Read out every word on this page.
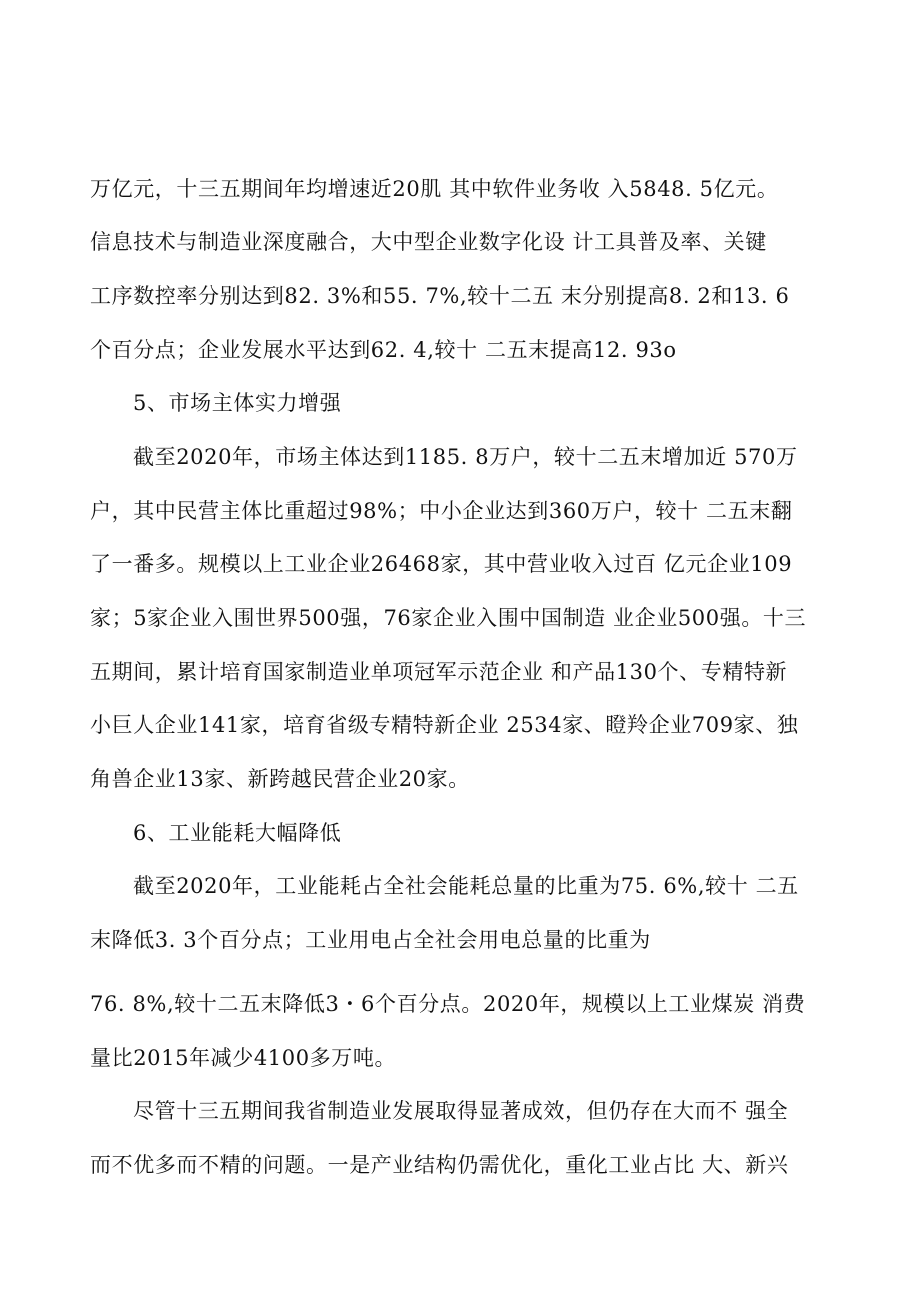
万亿元，十三五期间年均增速近20肌 其中软件业务收 入5848. 5亿元。
信息技术与制造业深度融合，大中型企业数字化设 计工具普及率、关键
工序数控率分别达到82. 3%和55. 7%,较十二五 末分别提高8. 2和13. 6
个百分点；企业发展水平达到62. 4,较十 二五末提高12. 93o
5、市场主体实力增强
截至2020年，市场主体达到1185. 8万户，较十二五末增加近 570万
户，其中民营主体比重超过98%；中小企业达到360万户，较十 二五末翻
了一番多。规模以上工业企业26468家，其中营业收入过百 亿元企业109
家；5家企业入围世界500强，76家企业入围中国制造 业企业500强。十三
五期间，累计培育国家制造业单项冠军示范企业 和产品130个、专精特新
小巨人企业141家，培育省级专精特新企业 2534家、瞪羚企业709家、独
角兽企业13家、新跨越民营企业20家。
6、工业能耗大幅降低
截至2020年，工业能耗占全社会能耗总量的比重为75. 6%,较十 二五
末降低3. 3个百分点；工业用电占全社会用电总量的比重为
76. 8%,较十二五末降低3・6个百分点。2020年，规模以上工业煤炭 消费
量比2015年减少4100多万吨。
尽管十三五期间我省制造业发展取得显著成效，但仍存在大而不 强全
而不优多而不精的问题。一是产业结构仍需优化，重化工业占比 大、新兴
